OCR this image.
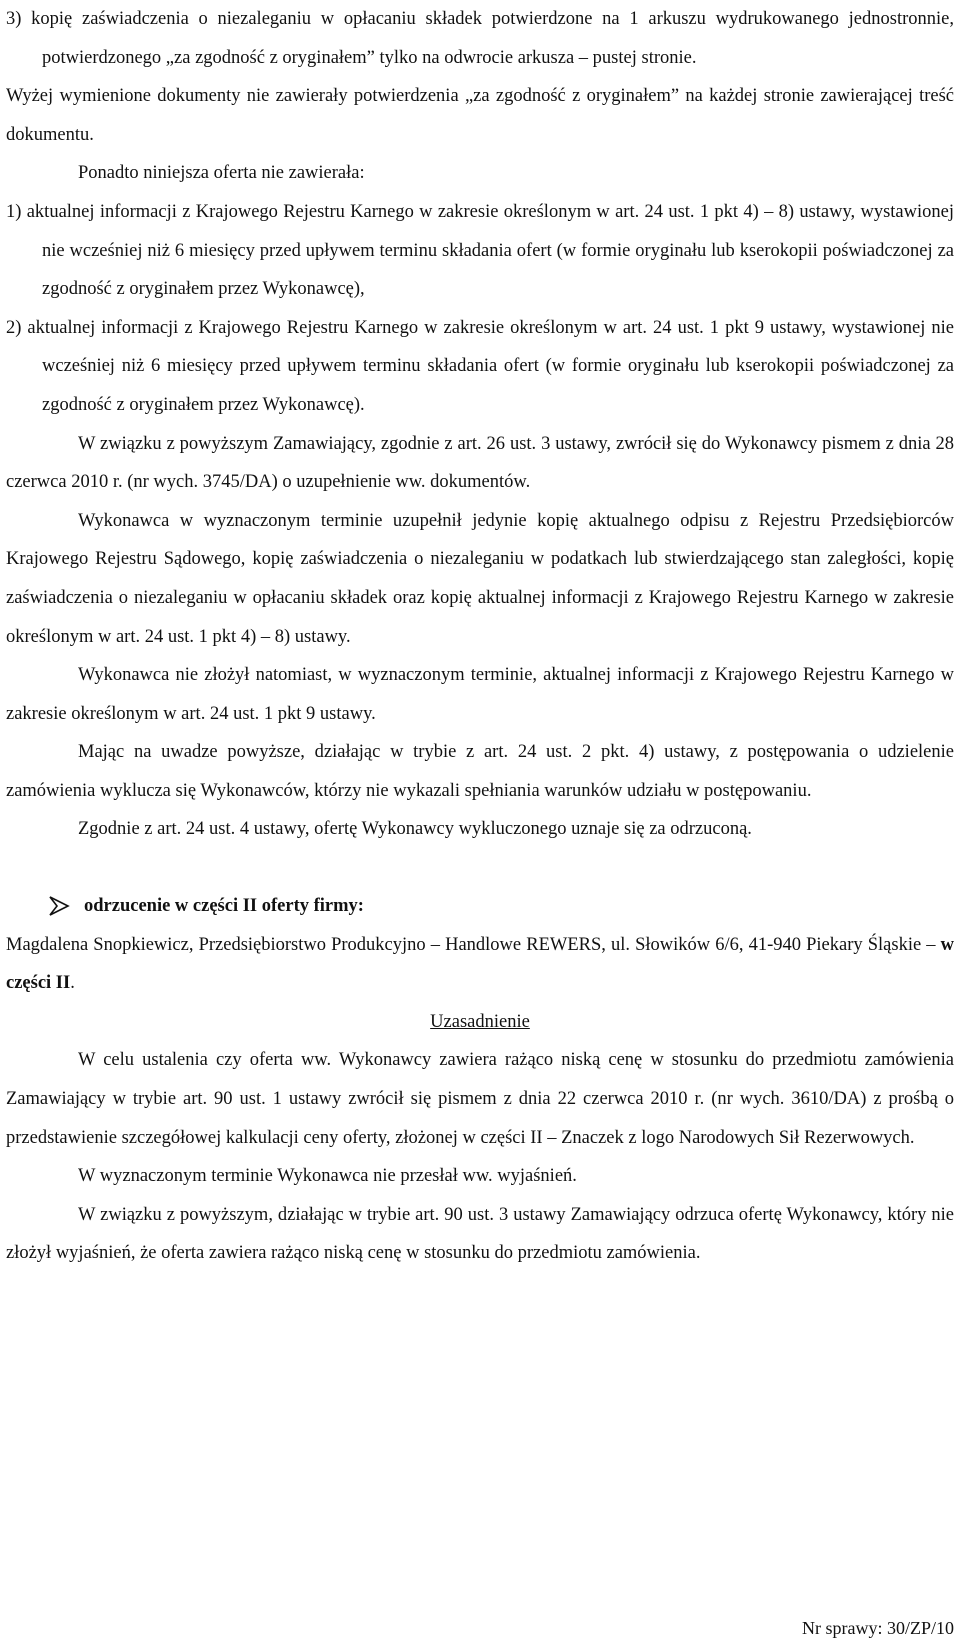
3) kopię zaświadczenia o niezaleganiu w opłacaniu składek potwierdzone na 1 arkuszu wydrukowanego jednostronnie, potwierdzonego „za zgodność z oryginałem” tylko na odwrocie arkusza – pustej stronie.

Wyżej wymienione dokumenty nie zawierały potwierdzenia „za zgodność z oryginałem” na każdej stronie zawierającej treść dokumentu.

Ponadto niniejsza oferta nie zawierała:

1) aktualnej informacji z Krajowego Rejestru Karnego w zakresie określonym w art. 24 ust. 1 pkt 4) – 8) ustawy, wystawionej nie wcześniej niż 6 miesięcy przed upływem terminu składania ofert (w formie oryginału lub kserokopii poświadczonej za zgodność z oryginałem przez Wykonawcę),

2) aktualnej informacji z Krajowego Rejestru Karnego w zakresie określonym w art. 24 ust. 1 pkt 9 ustawy, wystawionej nie wcześniej niż 6 miesięcy przed upływem terminu składania ofert (w formie oryginału lub kserokopii poświadczonej za zgodność z oryginałem przez Wykonawcę).

W związku z powyższym Zamawiający, zgodnie z art. 26 ust. 3 ustawy, zwrócił się do Wykonawcy pismem z dnia 28 czerwca 2010 r. (nr wych. 3745/DA) o uzupełnienie ww. dokumentów.

Wykonawca w wyznaczonym terminie uzupełnił jedynie kopię aktualnego odpisu z Rejestru Przedsiębiorców Krajowego Rejestru Sądowego, kopię zaświadczenia o niezaleganiu w podatkach lub stwierdzającego stan zaległości, kopię zaświadczenia o niezaleganiu w opłacaniu składek oraz kopię aktualnej informacji z Krajowego Rejestru Karnego w zakresie określonym w art. 24 ust. 1 pkt 4) – 8) ustawy.

Wykonawca nie złożył natomiast, w wyznaczonym terminie, aktualnej informacji z Krajowego Rejestru Karnego w zakresie określonym w art. 24 ust. 1 pkt 9 ustawy.

Mając na uwadze powyższe, działając w trybie z art. 24 ust. 2 pkt. 4) ustawy, z postępowania o udzielenie zamówienia wyklucza się Wykonawców, którzy nie wykazali spełniania warunków udziału w postępowaniu.

Zgodnie z art. 24 ust. 4 ustawy, ofertę Wykonawcy wykluczonego uznaje się za odrzuconą.

odrzucenie w części II oferty firmy:

Magdalena Snopkiewicz, Przedsiębiorstwo Produkcyjno – Handlowe REWERS, ul. Słowików 6/6, 41-940 Piekary Śląskie – w części II.

Uzasadnienie

W celu ustalenia czy oferta ww. Wykonawcy zawiera rażąco niską cenę w stosunku do przedmiotu zamówienia Zamawiający w trybie art. 90 ust. 1 ustawy zwrócił się pismem z dnia 22 czerwca 2010 r. (nr wych. 3610/DA) z prośbą o przedstawienie szczegółowej kalkulacji ceny oferty, złożonej w części II – Znaczek z logo Narodowych Sił Rezerwowych.

W wyznaczonym terminie Wykonawca nie przesłał ww. wyjaśnień.

W związku z powyższym, działając w trybie art. 90 ust. 3 ustawy Zamawiający odrzuca ofertę Wykonawcy, który nie złożył wyjaśnień, że oferta zawiera rażąco niską cenę w stosunku do przedmiotu zamówienia.

Nr sprawy: 30/ZP/10
